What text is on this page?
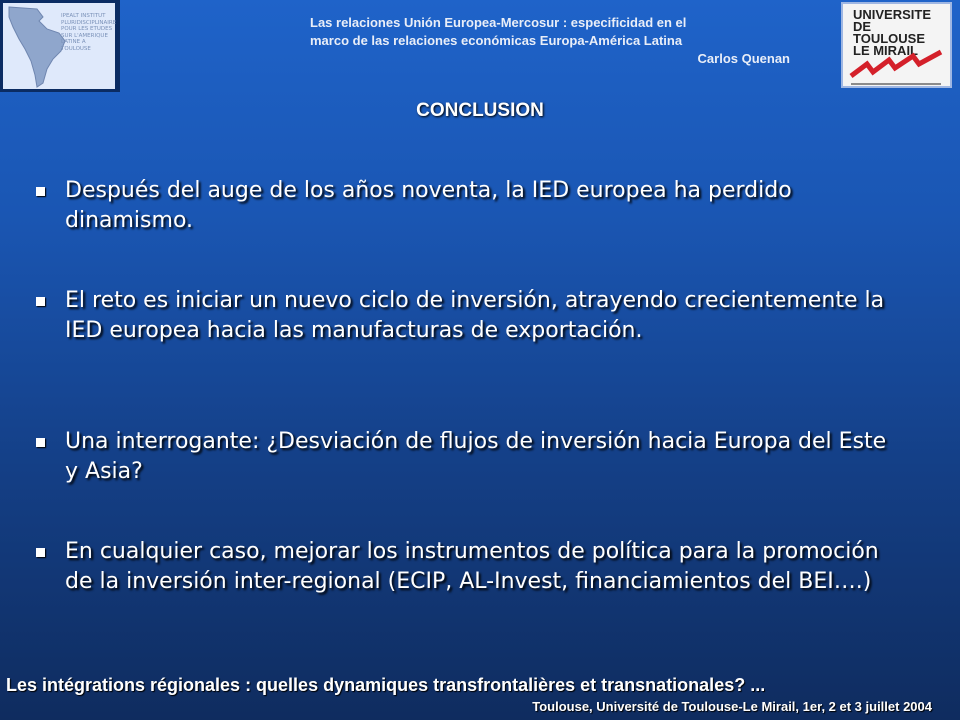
IPEALT INSTITUT PLURIDISCIPLINAIRE POUR LES ETUDES SUR L'AMERIQUE LATINE A TOULOUSE
UNIVERSITE DE TOULOUSE LE MIRAIL
Las relaciones Unión Europea-Mercosur : especificidad en el
marco de las relaciones económicas Europa-América Latina
Carlos Quenan
CONCLUSION
Después del auge de los años noventa, la IED europea ha perdido dinamismo.
El reto es iniciar un nuevo ciclo de inversión, atrayendo crecientemente la IED europea hacia las manufacturas de exportación.
Una interrogante: ¿Desviación de flujos de inversión hacia Europa del Este y Asia?
En cualquier caso, mejorar los instrumentos de política para la promoción de la inversión inter-regional (ECIP, AL-Invest, financiamientos del BEI….)
Les intégrations régionales : quelles dynamiques transfrontalières et transnationales? ...
Toulouse, Université de Toulouse-Le Mirail, 1er, 2 et 3 juillet 2004
